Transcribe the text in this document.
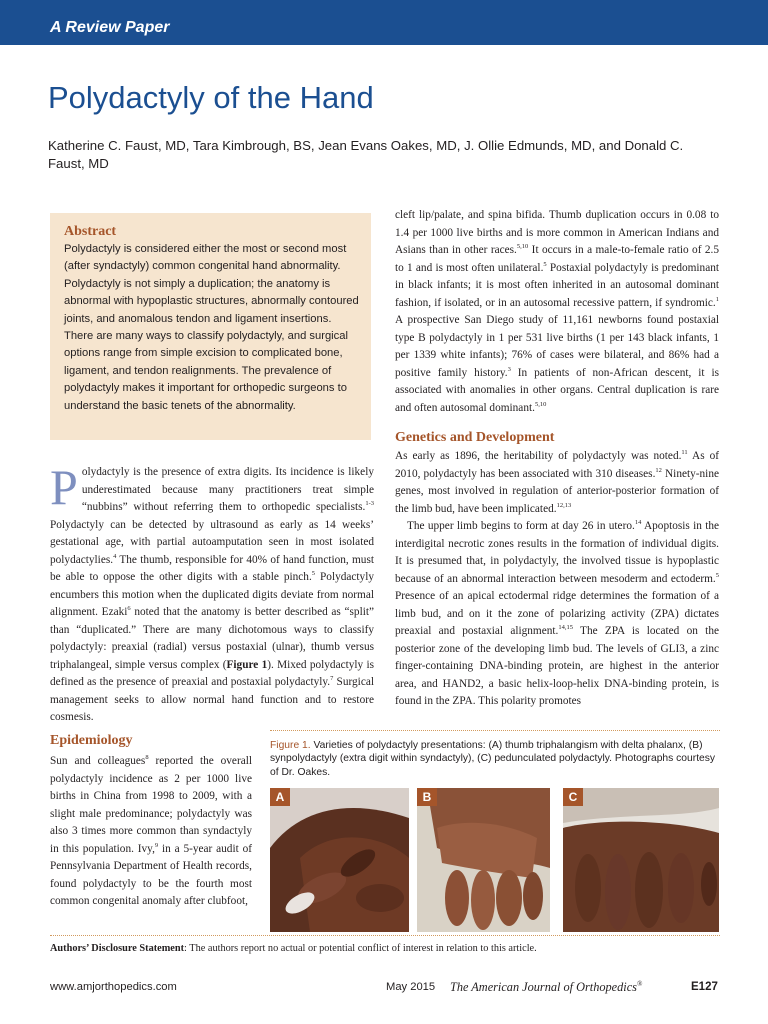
A Review Paper
Polydactyly of the Hand
Katherine C. Faust, MD, Tara Kimbrough, BS, Jean Evans Oakes, MD, J. Ollie Edmunds, MD, and Donald C. Faust, MD
Abstract
Polydactyly is considered either the most or second most (after syndactyly) common congenital hand abnormality. Polydactyly is not simply a duplication; the anatomy is abnormal with hypoplastic structures, abnormally contoured joints, and anomalous tendon and ligament insertions. There are many ways to classify polydactyly, and surgical options range from simple excision to complicated bone, ligament, and tendon realignments. The prevalence of polydactyly makes it important for orthopedic surgeons to understand the basic tenets of the abnormality.
P olydactyly is the presence of extra digits. Its incidence is likely underestimated because many practitioners treat simple “nubbins” without referring them to orthopedic specialists.$^{1-3}$ Polydactyly can be detected by ultrasound as early as 14 weeks’ gestational age, with partial autoamputation seen in most isolated polydactylies.$^4$ The thumb, responsible for 40% of hand function, must be able to oppose the other digits with a stable pinch.$^5$ Polydactyly encumbers this motion when the duplicated digits deviate from normal alignment. Ezaki$^6$ noted that the anatomy is better described as “split” than “duplicated.” There are many dichotomous ways to classify polydactyly: preaxial (radial) versus postaxial (ulnar), thumb versus triphalangeal, simple versus complex (Figure 1). Mixed polydactyly is defined as the presence of preaxial and postaxial polydactyly.$^7$ Surgical management seeks to allow normal hand function and to restore cosmesis.

Epidemiology

Sun and colleagues$^8$ reported the overall polydactyly incidence as 2 per 1000 live births in China from 1998 to 2009, with a slight male predominance; polydactyly was also 3 times more common than syndactyly in this population. Ivy,$^9$ in a 5-year audit of Pennsylvania Department of Health records, found polydactyly to be the fourth most common congenital anomaly after clubfoot,

cleft lip/palate, and spina bifida. Thumb duplication occurs in 0.08 to 1.4 per 1000 live births and is more common in American Indians and Asians than in other races.$^{5,10}$ It occurs in a male-to-female ratio of 2.5 to 1 and is most often unilateral.$^5$ Postaxial polydactyly is predominant in black infants; it is most often inherited in an autosomal dominant fashion, if isolated, or in an autosomal recessive pattern, if syndromic.$^1$ A prospective San Diego study of 11,161 newborns found postaxial type B polydactyly in 1 per 531 live births (1 per 143 black infants, 1 per 1339 white infants); 76% of cases were bilateral, and 86% had a positive family history.$^3$ In patients of non-African descent, it is associated with anomalies in other organs. Central duplication is rare and often autosomal dominant.$^{5,10}$

Genetics and Development

As early as 1896, the heritability of polydactyly was noted.$^{11}$ As of 2010, polydactyly has been associated with 310 diseases.$^{12}$ Ninety-nine genes, most involved in regulation of anterior-posterior formation of the limb bud, have been implicated.$^{12,13}$

The upper limb begins to form at day 26 in utero.$^{14}$ Apoptosis in the interdigital necrotic zones results in the formation of individual digits. It is presumed that, in polydactyly, the involved tissue is hypoplastic because of an abnormal interaction between mesoderm and ectoderm.$^5$ Presence of an apical ectodermal ridge determines the formation of a limb bud, and on it the zone of polarizing activity (ZPA) dictates preaxial and postaxial alignment.$^{14,15}$ The ZPA is located on the posterior zone of the developing limb bud. The levels of GLI3, a zinc finger-containing DNA-binding protein, are highest in the anterior area, and HAND2, a basic helix-loop-helix DNA-binding protein, is found in the ZPA. This polarity promotes

Figure 1. Varieties of polydactyly presentations: (A) thumb triphalangism with delta phalanx, (B) synpolydactyly (extra digit within syndactyly), (C) pedunculated polydactyly. Photographs courtesy of Dr. Oakes.
A	B	C
Authors’ Disclosure Statement: The authors report no actual or potential conflict of interest in relation to this article.
www.amjorthopedics.com	May 2015 The American Journal of Orthopedics®	E127
